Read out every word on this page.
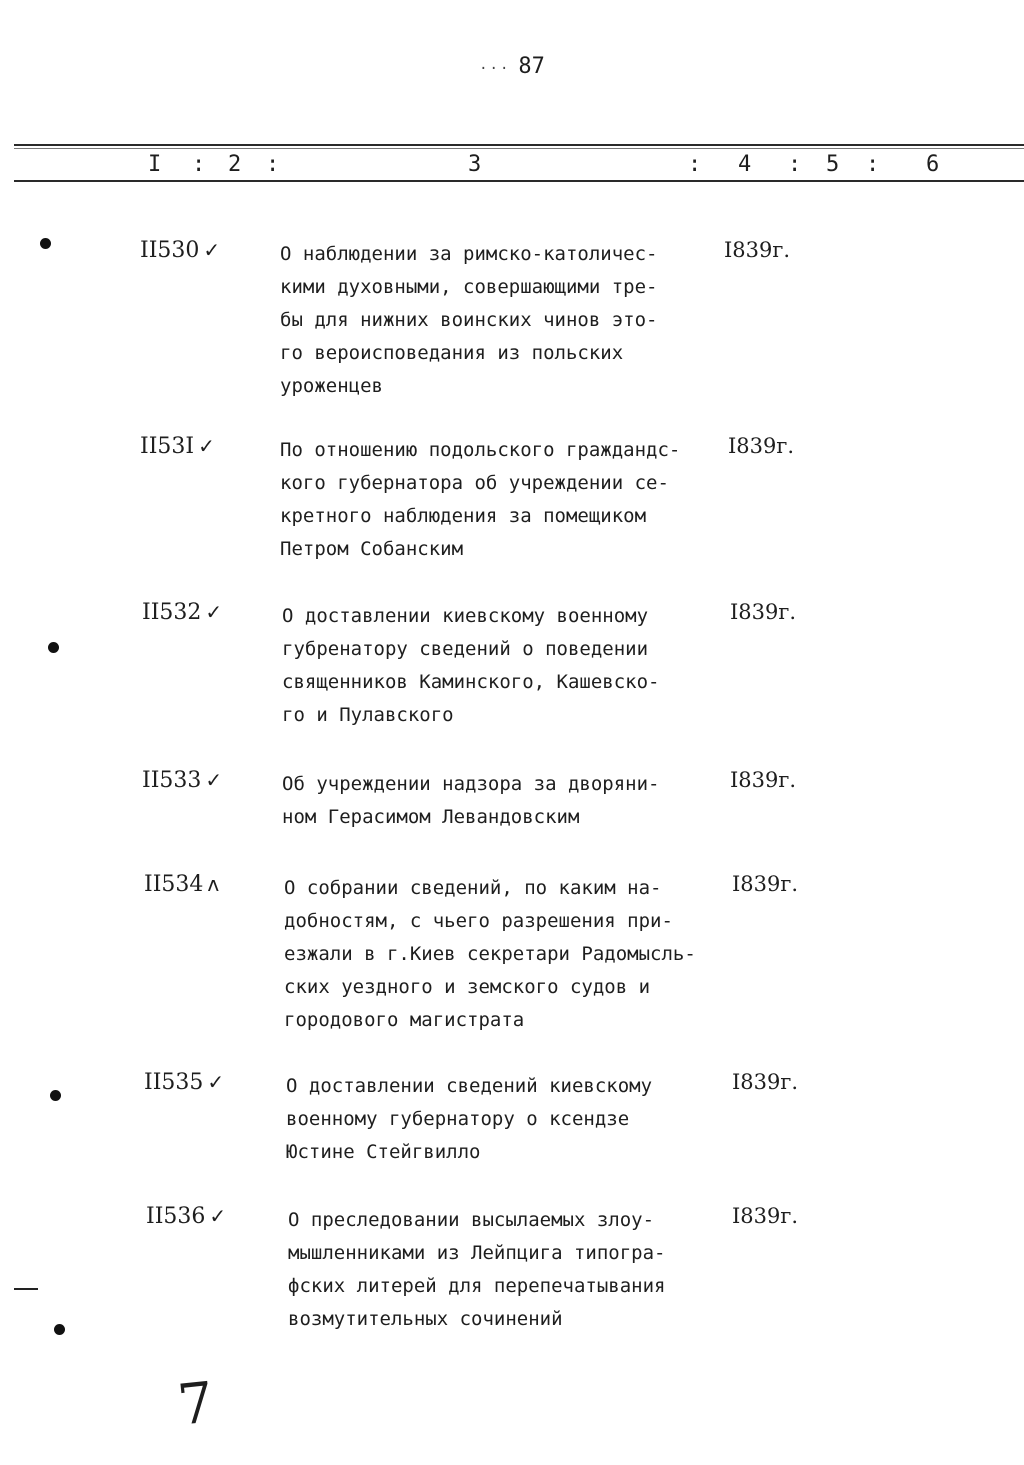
... 87
I : 2 :	3	: 4 : 5 : 6
II530 ✓	О наблюдении за римско-католичес-
кими духовными, совершающими тре-
бы для нижних воинских чинов это-
го вероисповедания из польских
уроженцев
I839г.
II53I ✓	По отношению подольского граждандс-
кого губернатора об учреждении се-
кретного наблюдения за помещиком
Петром Собанским
I839г.
II532 ✓	О доставлении киевскому военному
губренатору сведений о поведении
священников Каминского, Кашевско-
го и Пулавского
I839г.
II533 ✓	Об учреждении надзора за дворяни-
ном Герасимом Левандовским
I839г.
II534 ʌ	О собрании сведений, по каким на-
добностям, с чьего разрешения при-
езжали в г.Киев секретари Радомысль-
ских уездного и земского судов и
городового магистрата
I839г.
II535 ✓	О доставлении сведений киевскому
военному губернатору о ксендзе
Юстине Стейгвилло
I839г.
II536 ✓	О преследовании высылаемых злоу-
мышленниками из Лейпцига типогра-
фских литерей для перепечатывания
возмутительных сочинений
I839г.
7
